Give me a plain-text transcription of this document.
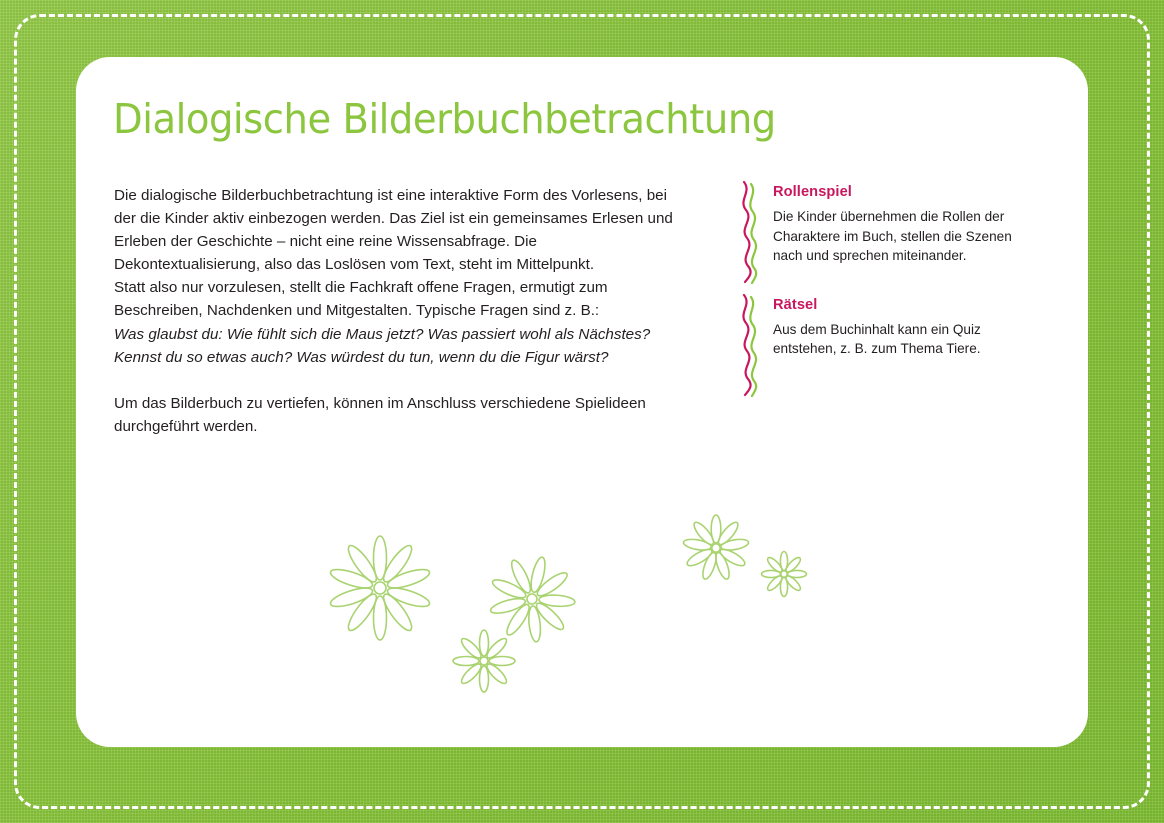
Dialogische Bilderbuchbetrachtung

Die dialogische Bilderbuchbetrachtung ist eine interaktive Form des Vorlesens, bei der die Kinder aktiv einbezogen werden. Das Ziel ist ein gemeinsames Erlesen und Erleben der Geschichte – nicht eine reine Wissensabfrage. Die Dekontextualisierung, also das Loslösen vom Text, steht im Mittelpunkt.

Statt also nur vorzulesen, stellt die Fachkraft offene Fragen, ermutigt zum Beschreiben, Nachdenken und Mitgestalten. Typische Fragen sind z. B.:

Was glaubst du: Wie fühlt sich die Maus jetzt? Was passiert wohl als Nächstes? Kennst du so etwas auch? Was würdest du tun, wenn du die Figur wärst?

Um das Bilderbuch zu vertiefen, können im Anschluss verschiedene Spielideen durchgeführt werden.

Rollenspiel

Die Kinder übernehmen die Rollen der Charaktere im Buch, stellen die Szenen nach und sprechen miteinander.

Rätsel

Aus dem Buchinhalt kann ein Quiz entstehen, z. B. zum Thema Tiere.
